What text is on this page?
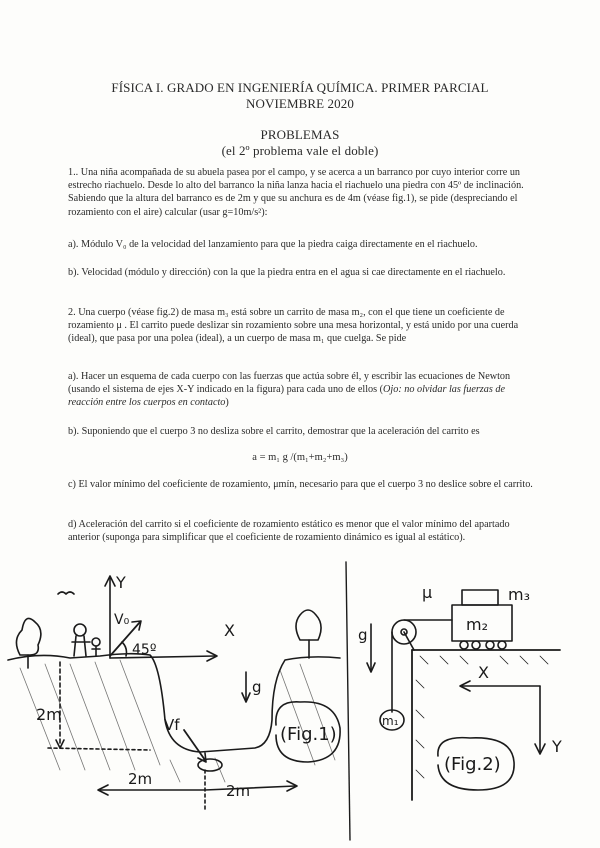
FÍSICA I. GRADO EN INGENIERÍA QUÍMICA. PRIMER PARCIAL
NOVIEMBRE 2020
PROBLEMAS
(el 2º problema vale el doble)
1.. Una niña acompañada de su abuela pasea por el campo, y se acerca a un barranco por cuyo interior corre un estrecho riachuelo. Desde lo alto del barranco la niña lanza hacia el riachuelo una piedra con 45º de inclinación. Sabiendo que la altura del barranco es de 2m y que su anchura es de 4m (véase fig.1), se pide (despreciando el rozamiento con el aire) calcular (usar g=10m/s²):
a). Módulo V₀ de la velocidad del lanzamiento para que la piedra caiga directamente en el riachuelo.
b). Velocidad (módulo y dirección) con la que la piedra entra en el agua si cae directamente en el riachuelo.
2. Una cuerpo (véase fig.2) de masa m₃ está sobre un carrito de masa m₂, con el que tiene un coeficiente de rozamiento μ . El carrito puede deslizar sin rozamiento sobre una mesa horizontal, y está unido por una cuerda (ideal), que pasa por una polea (ideal), a un cuerpo de masa m₁ que cuelga. Se pide
a). Hacer un esquema de cada cuerpo con las fuerzas que actúa sobre él, y escribir las ecuaciones de Newton (usando el sistema de ejes X-Y indicado en la figura) para cada uno de ellos (Ojo: no olvidar las fuerzas de reacción entre los cuerpos en contacto)
b). Suponiendo que el cuerpo 3 no desliza sobre el carrito, demostrar que la aceleración del carrito es
a = m₁ g /(m₁+m₂+m₃)
c) El valor mínimo del coeficiente de rozamiento, μmín, necesario para que el cuerpo 3 no deslice sobre el carrito.
d) Aceleración del carrito si el coeficiente de rozamiento estático es menor que el valor mínimo del apartado anterior (suponga para simplificar que el coeficiente de rozamiento dinámico es igual al estático).
Y
X
V₀
45º
g
2m
Vf
2m
2m
(Fig.1)
μ	m₃
m₂
g
X
m₁
Y
(Fig.2)
